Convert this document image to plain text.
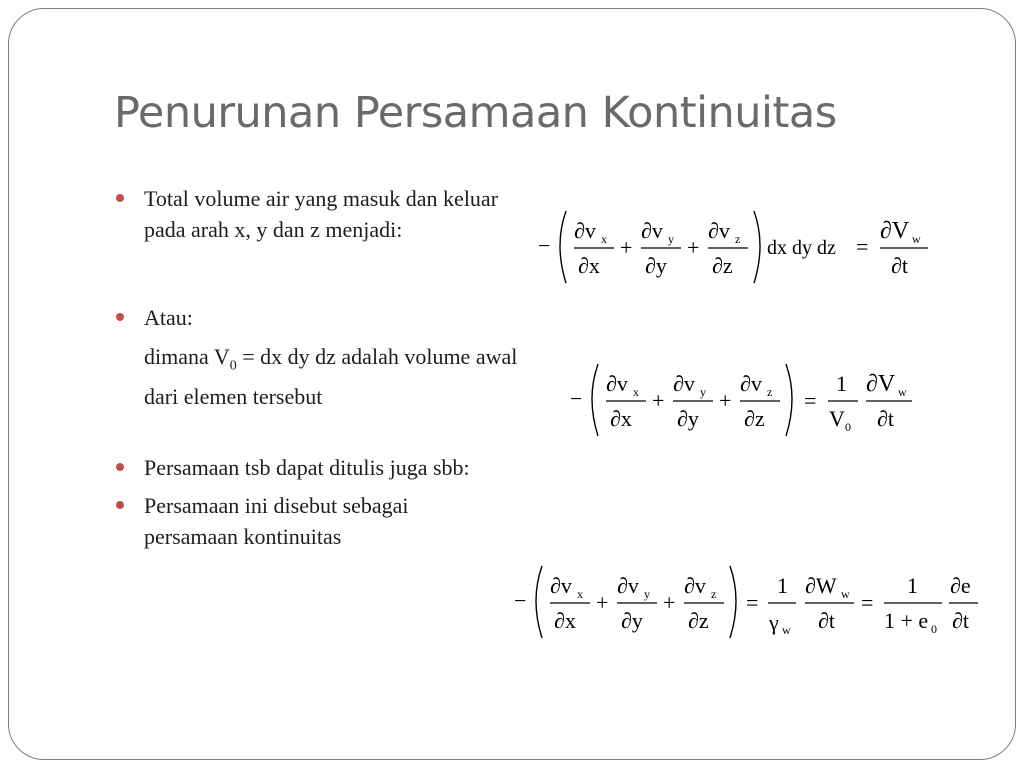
Penurunan Persamaan Kontinuitas
Total volume air yang masuk dan keluar pada arah x, y dan z menjadi:
Atau:
dimana $V_0$ = dx dy dz adalah volume awal dari elemen tersebut
Persamaan tsb dapat ditulis juga sbb:
Persamaan ini disebut sebagai persamaan kontinuitas
−
∂v x
∂x
+
∂v y
∂y
+
∂v z
∂z
dx dy dz =
∂V w
∂t
−
∂v x
∂x
+
∂v y
∂y
+
∂v z
∂z
=
1
V 0
∂V w
∂t
−
∂v x
∂x
+
∂v y
∂y
+
∂v z
∂z
=
1
γ w
∂W w
∂t
=
1
1 + e 0
∂e
∂t
